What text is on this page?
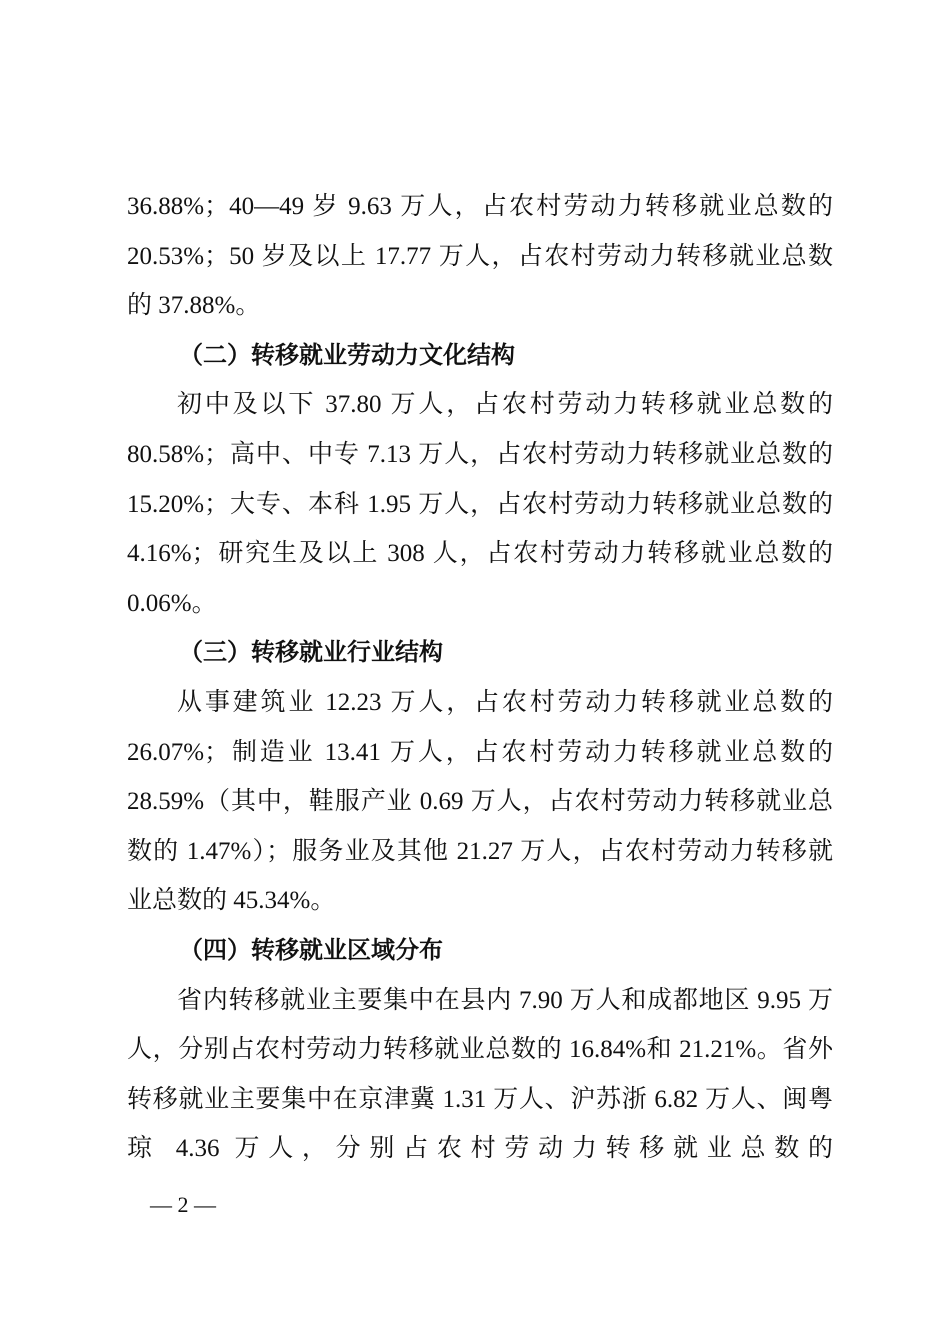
36.88%；40—49 岁 9.63 万人，占农村劳动力转移就业总数的
20.53%；50 岁及以上 17.77 万人，占农村劳动力转移就业总数
的 37.88%。
（二）转移就业劳动力文化结构
初中及以下 37.80 万人，占农村劳动力转移就业总数的
80.58%；高中、中专 7.13 万人，占农村劳动力转移就业总数的
15.20%；大专、本科 1.95 万人，占农村劳动力转移就业总数的
4.16%；研究生及以上 308 人，占农村劳动力转移就业总数的
0.06%。
（三）转移就业行业结构
从事建筑业 12.23 万人，占农村劳动力转移就业总数的
26.07%；制造业 13.41 万人，占农村劳动力转移就业总数的
28.59%（其中，鞋服产业 0.69 万人，占农村劳动力转移就业总
数的 1.47%）；服务业及其他 21.27 万人，占农村劳动力转移就
业总数的 45.34%。
（四）转移就业区域分布
省内转移就业主要集中在县内 7.90 万人和成都地区 9.95 万
人，分别占农村劳动力转移就业总数的 16.84%和 21.21%。省外
转移就业主要集中在京津冀 1.31 万人、沪苏浙 6.82 万人、闽粤
琼 4.36 万人，分别占农村劳动力转移就业总数的
— 2 —
